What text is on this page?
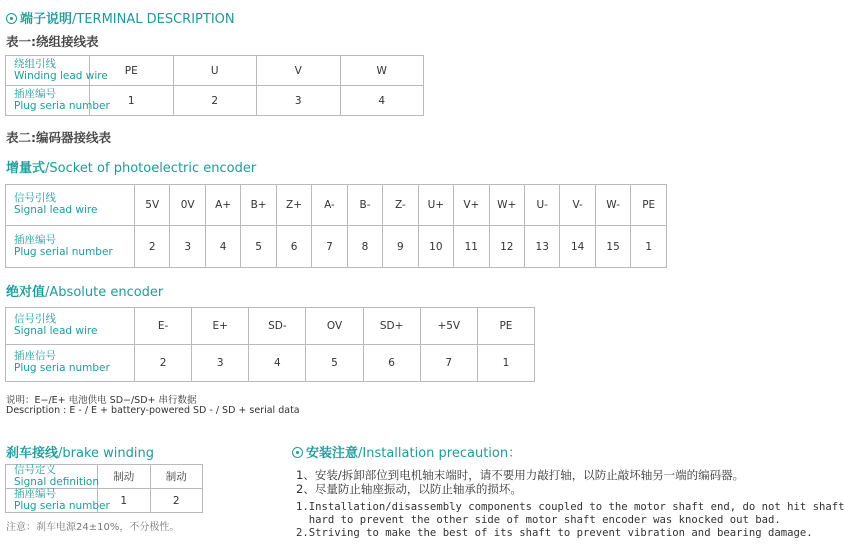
端子说明/TERMINAL DESCRIPTION
表一:绕组接线表
绕组引线
Winding lead wire	PE	U	V	W

插座编号
Plug seria number	1	2	3	4
表二:编码器接线表
增量式/Socket of photoelectric encoder
信号引线
Signal lead wire	5V	0V	A+	B+	Z+	A-	B-	Z-	U+	V+	W+	U-	V-	W-	PE

插座编号
Plug serial number	2	3	4	5	6	7	8	9	10	11	12	13	14	15	1
绝对值/Absolute encoder
信号引线
Signal lead wire	E-	E+	SD-	OV	SD+	+5V	PE

插座信号
Plug seria number	2	3	4	5	6	7	1
说明：E−/E+ 电池供电 SD−/SD+ 串行数据
Description : E - / E + battery-powered SD - / SD + serial data
刹车接线/brake winding
信号定义
Signal definition	制动	制动

插座编号
Plug seria number	1	2
注意：刹车电源24±10%，不分极性。
安装注意/Installation precaution：
1、安装/拆卸部位到电机轴末端时，请不要用力敲打轴，以防止敲坏轴另一端的编码器。
2、尽量防止轴座振动，以防止轴承的损坏。
1.Installation/disassembly components coupled to the motor shaft end, do not hit shaft
hard to prevent the other side of motor shaft encoder was knocked out bad.
2.Striving to make the best of its shaft to prevent vibration and bearing damage.
